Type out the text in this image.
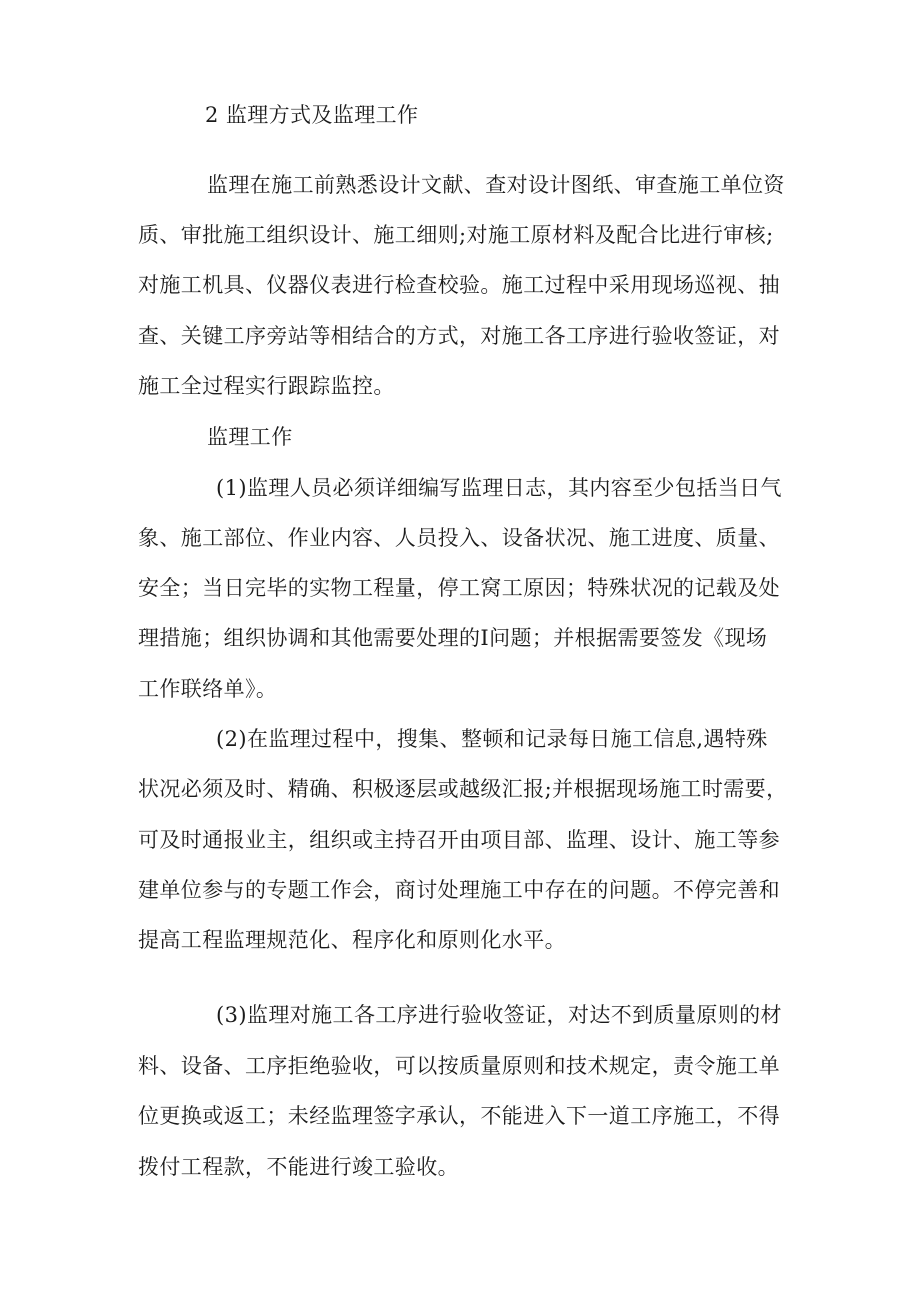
2 监理方式及监理工作

监理在施工前熟悉设计文献、查对设计图纸、审查施工单位资

质、审批施工组织设计、施工细则;对施工原材料及配合比进行审核;

对施工机具、仪器仪表进行检查校验。施工过程中采用现场巡视、抽

查、关键工序旁站等相结合的方式，对施工各工序进行验收签证，对

施工全过程实行跟踪监控。

监理工作

(1)监理人员必须详细编写监理日志，其内容至少包括当日气

象、施工部位、作业内容、人员投入、设备状况、施工进度、质量、

安全；当日完毕的实物工程量，停工窝工原因；特殊状况的记载及处

理措施；组织协调和其他需要处理的I问题；并根据需要签发《现场

工作联络单》。

(2)在监理过程中，搜集、整顿和记录每日施工信息,遇特殊

状况必须及时、精确、积极逐层或越级汇报;并根据现场施工时需要，

可及时通报业主，组织或主持召开由项目部、监理、设计、施工等参

建单位参与的专题工作会，商讨处理施工中存在的问题。不停完善和

提高工程监理规范化、程序化和原则化水平。

(3)监理对施工各工序进行验收签证，对达不到质量原则的材

料、设备、工序拒绝验收，可以按质量原则和技术规定，责令施工单

位更换或返工；未经监理签字承认，不能进入下一道工序施工，不得

拨付工程款，不能进行竣工验收。
